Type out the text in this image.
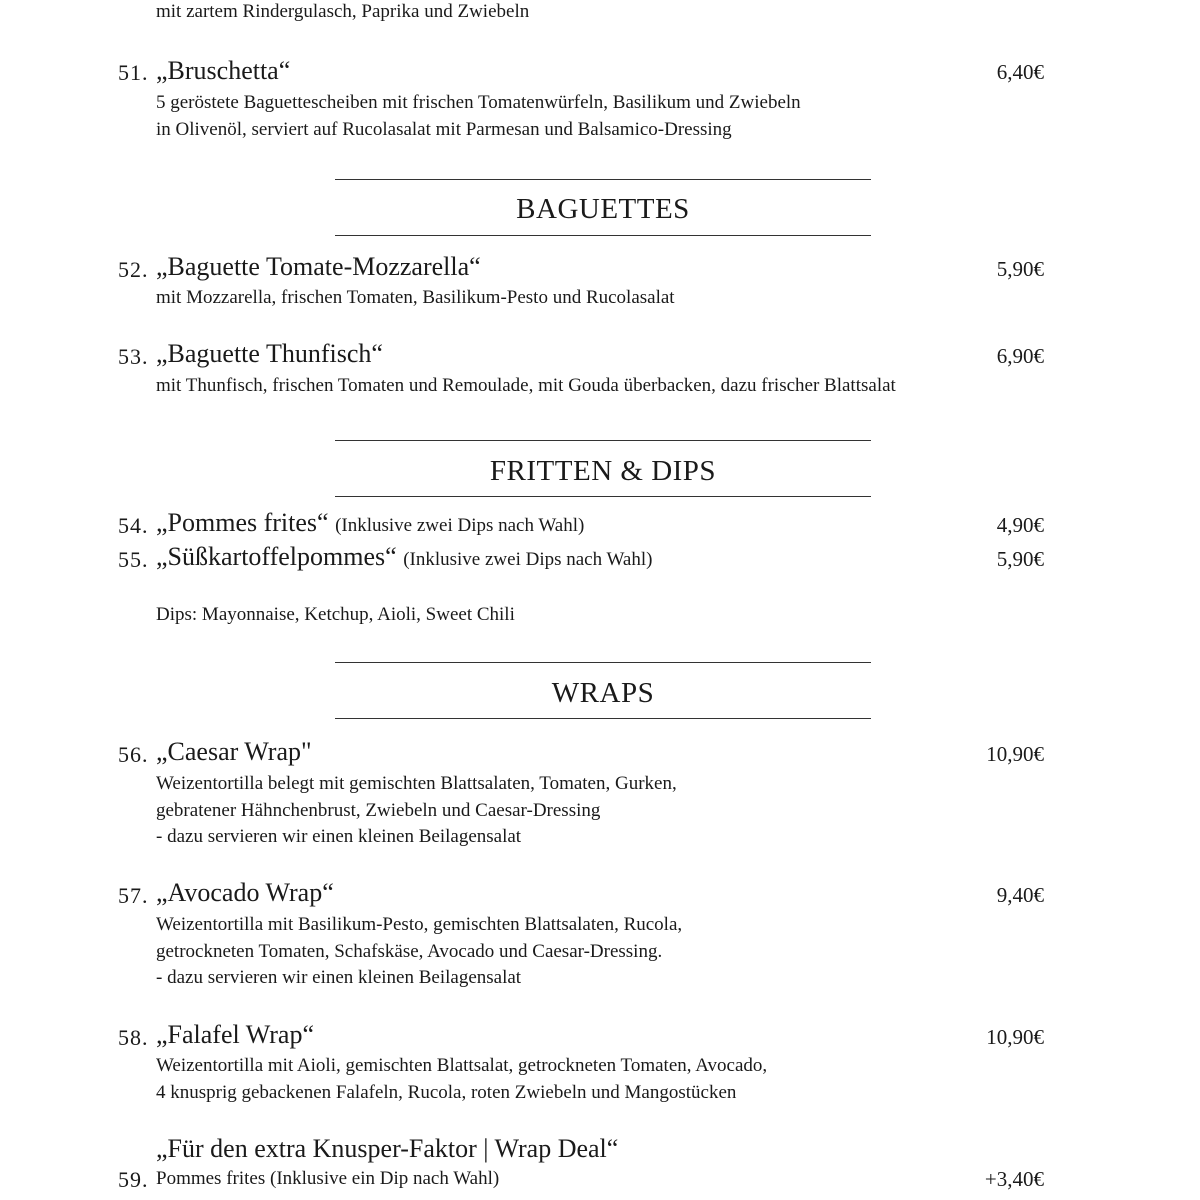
mit zartem Rindergulasch, Paprika und Zwiebeln
51. „Bruschetta“	6,40€
5 geröstete Baguettescheiben mit frischen Tomatenwürfeln, Basilikum und Zwiebeln
in Olivenöl, serviert auf Rucolasalat mit Parmesan und Balsamico-Dressing
BAGUETTES
52. „Baguette Tomate-Mozzarella“	5,90€
mit Mozzarella, frischen Tomaten, Basilikum-Pesto und Rucolasalat
53. „Baguette Thunfisch“	6,90€
mit Thunfisch, frischen Tomaten und Remoulade, mit Gouda überbacken, dazu frischer Blattsalat
FRITTEN & DIPS
54. „Pommes frites“ (Inklusive zwei Dips nach Wahl)	4,90€
55. „Süßkartoffelpommes“ (Inklusive zwei Dips nach Wahl)	5,90€
Dips: Mayonnaise, Ketchup, Aioli, Sweet Chili
WRAPS
56. „Caesar Wrap"	10,90€
Weizentortilla belegt mit gemischten Blattsalaten, Tomaten, Gurken,
gebratener Hähnchenbrust, Zwiebeln und Caesar-Dressing
- dazu servieren wir einen kleinen Beilagensalat
57. „Avocado Wrap“	9,40€
Weizentortilla mit Basilikum-Pesto, gemischten Blattsalaten, Rucola,
getrockneten Tomaten, Schafskäse, Avocado und Caesar-Dressing.
- dazu servieren wir einen kleinen Beilagensalat
58. „Falafel Wrap“	10,90€
Weizentortilla mit Aioli, gemischten Blattsalat, getrockneten Tomaten, Avocado,
4 knusprig gebackenen Falafeln, Rucola, roten Zwiebeln und Mangostücken
„Für den extra Knusper-Faktor | Wrap Deal“
59. Pommes frites (Inklusive ein Dip nach Wahl)	+3,40€
